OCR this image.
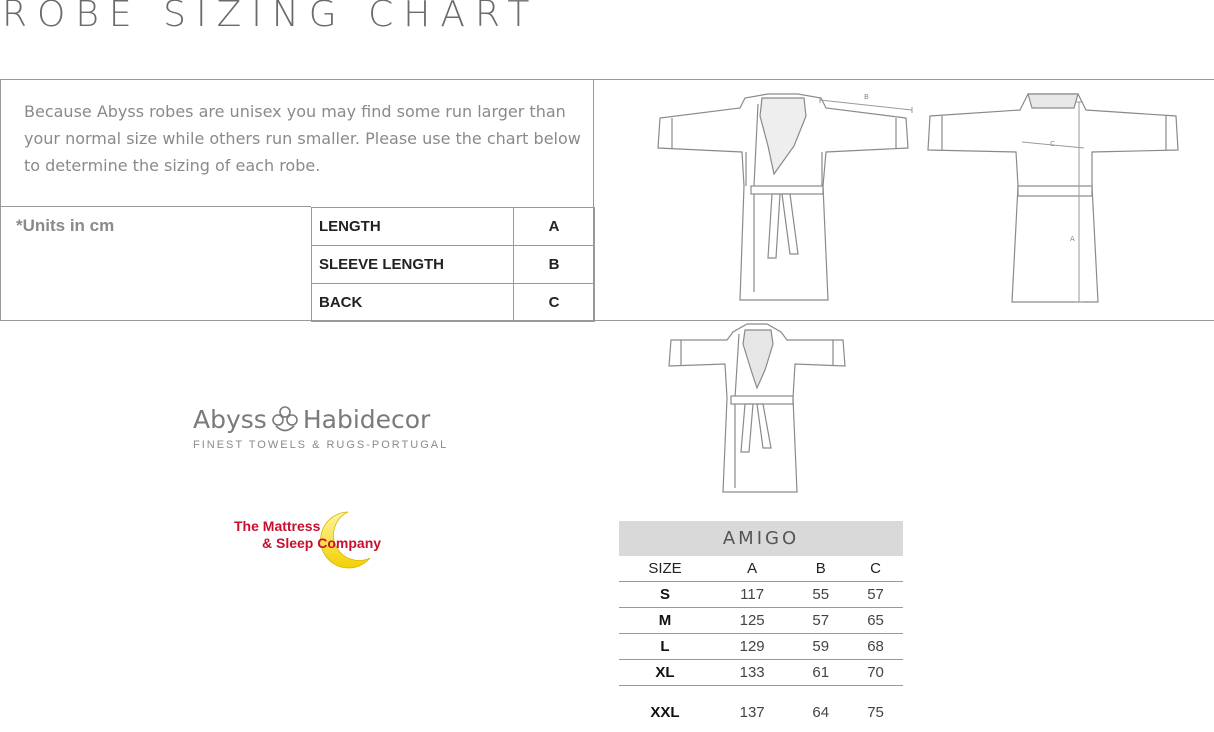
ROBE SIZING CHART
Because Abyss robes are unisex you may find some run larger than your normal size while others run smaller. Please use the chart below to determine the sizing of each robe.
*Units in cm	LENGTH	A
SLEEVE LENGTH	B
BACK	C
B
C
A
Abyss Habidecor
FINEST TOWELS & RUGS-PORTUGAL
The Mattress
& Sleep Company	AMIGO
SIZE	A	B	C
S	117	55	57
M	125	57	65
L	129	59	68
XL	133	61	70
XXL	137	64	75
